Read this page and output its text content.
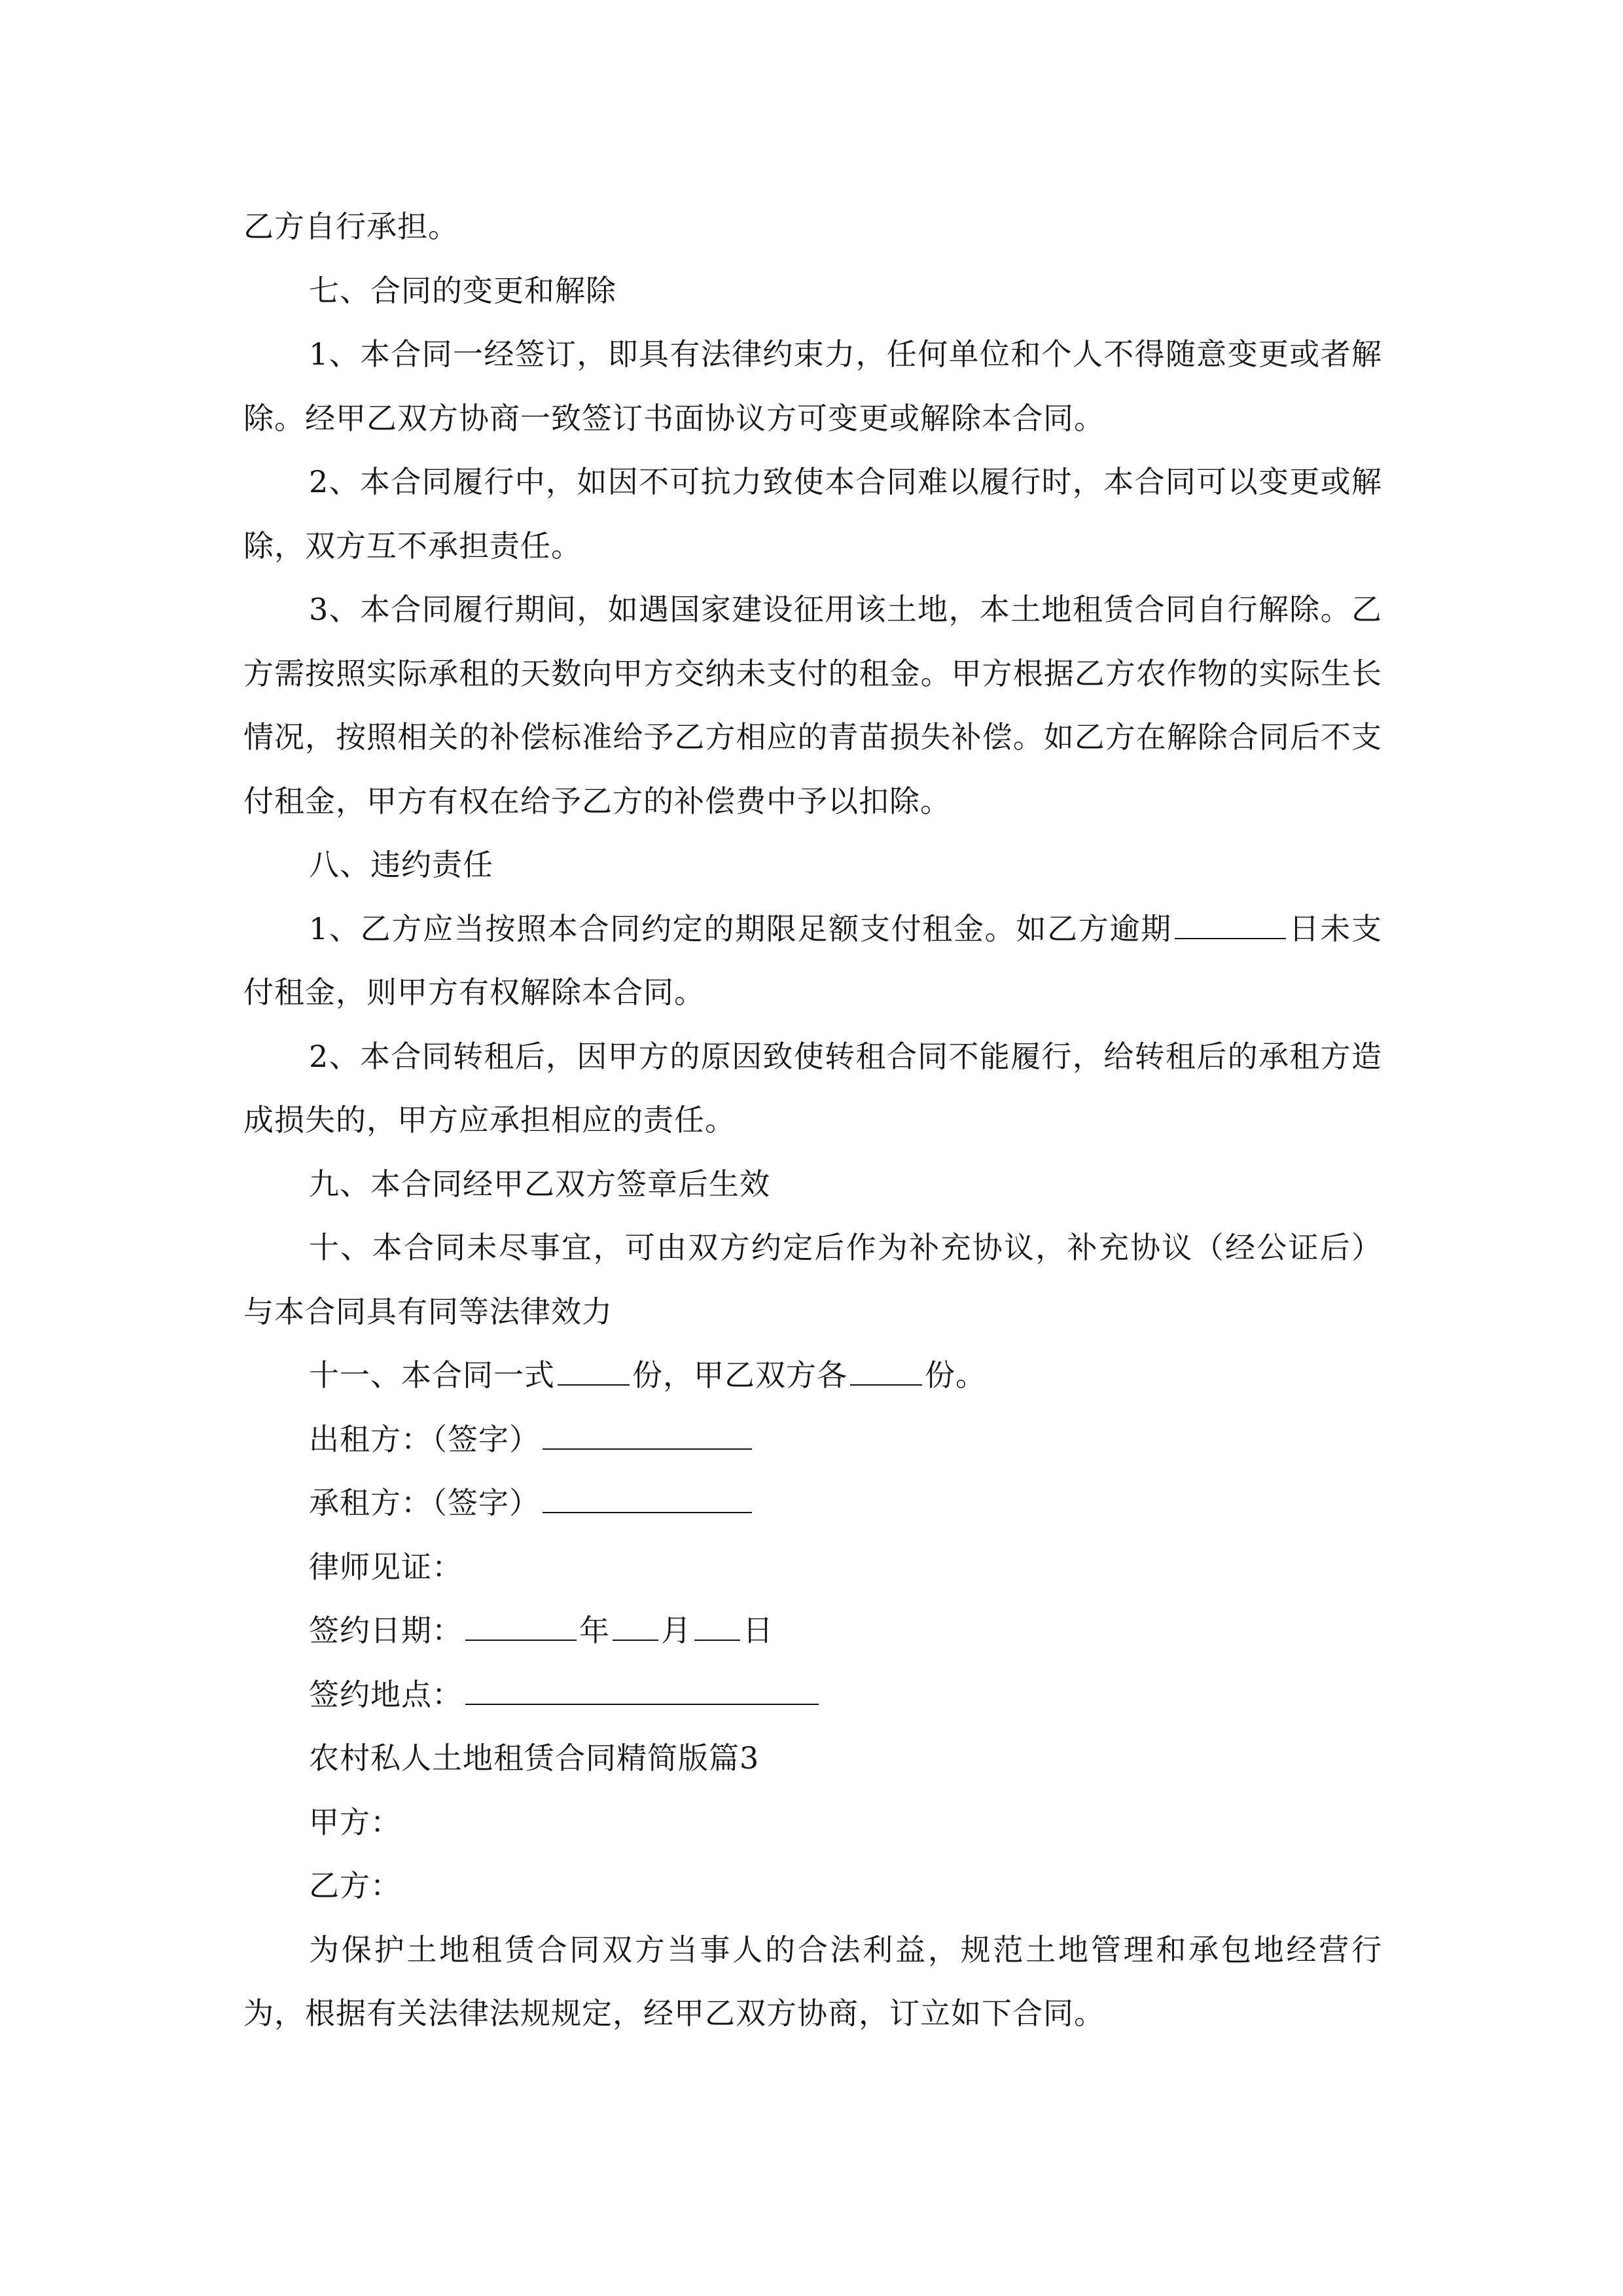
乙方自行承担。

七、合同的变更和解除

1、本合同一经签订，即具有法律约束力，任何单位和个人不得随意变更或者解除。经甲乙双方协商一致签订书面协议方可变更或解除本合同。

2、本合同履行中，如因不可抗力致使本合同难以履行时，本合同可以变更或解除，双方互不承担责任。

3、本合同履行期间，如遇国家建设征用该土地，本土地租赁合同自行解除。乙方需按照实际承租的天数向甲方交纳未支付的租金。甲方根据乙方农作物的实际生长情况，按照相关的补偿标准给予乙方相应的青苗损失补偿。如乙方在解除合同后不支付租金，甲方有权在给予乙方的补偿费中予以扣除。

八、违约责任

1、乙方应当按照本合同约定的期限足额支付租金。如乙方逾期	日未支付租金，则甲方有权解除本合同。

2、本合同转租后，因甲方的原因致使转租合同不能履行，给转租后的承租方造成损失的，甲方应承担相应的责任。

九、本合同经甲乙双方签章后生效

十、本合同未尽事宜，可由双方约定后作为补充协议，补充协议（经公证后）与本合同具有同等法律效力

十一、本合同一式	份，甲乙双方各	份。

出租方：（签字）

承租方：（签字）

律师见证：

签约日期：	年 月 日

签约地点：

农村私人土地租赁合同精简版篇3

甲方：

乙方：

为保护土地租赁合同双方当事人的合法利益，规范土地管理和承包地经营行为，根据有关法律法规规定，经甲乙双方协商，订立如下合同。
